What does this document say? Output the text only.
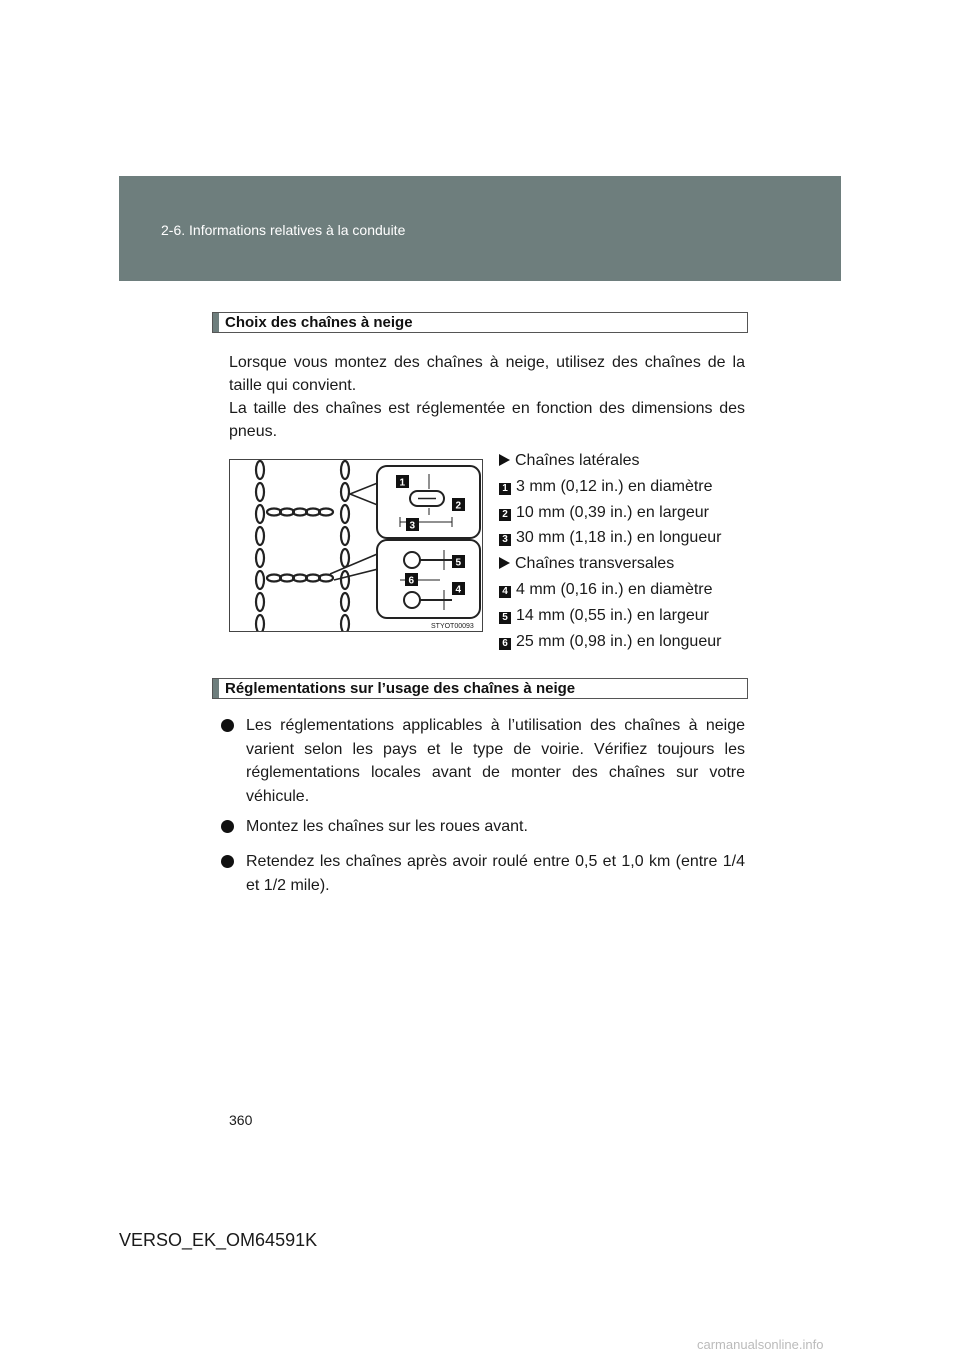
2-6. Informations relatives à la conduite
Choix des chaînes à neige
Lorsque vous montez des chaînes à neige, utilisez des chaînes de la taille qui convient.
La taille des chaînes est réglementée en fonction des dimensions des pneus.
1
2
3
4
5
6
STYOT00093
Chaînes latérales
1 3 mm (0,12 in.) en diamètre
2 10 mm (0,39 in.) en largeur
3 30 mm (1,18 in.) en longueur
Chaînes transversales
4 4 mm (0,16 in.) en diamètre
5 14 mm (0,55 in.) en largeur
6 25 mm (0,98 in.) en longueur
Réglementations sur l’usage des chaînes à neige
Les réglementations applicables à l’utilisation des chaînes à neige varient selon les pays et le type de voirie. Vérifiez toujours les réglementations locales avant de monter des chaînes sur votre véhicule.
Montez les chaînes sur les roues avant.
Retendez les chaînes après avoir roulé entre 0,5 et 1,0 km (entre 1/4 et 1/2 mile).
360
VERSO_EK_OM64591K
carmanualsonline.info
